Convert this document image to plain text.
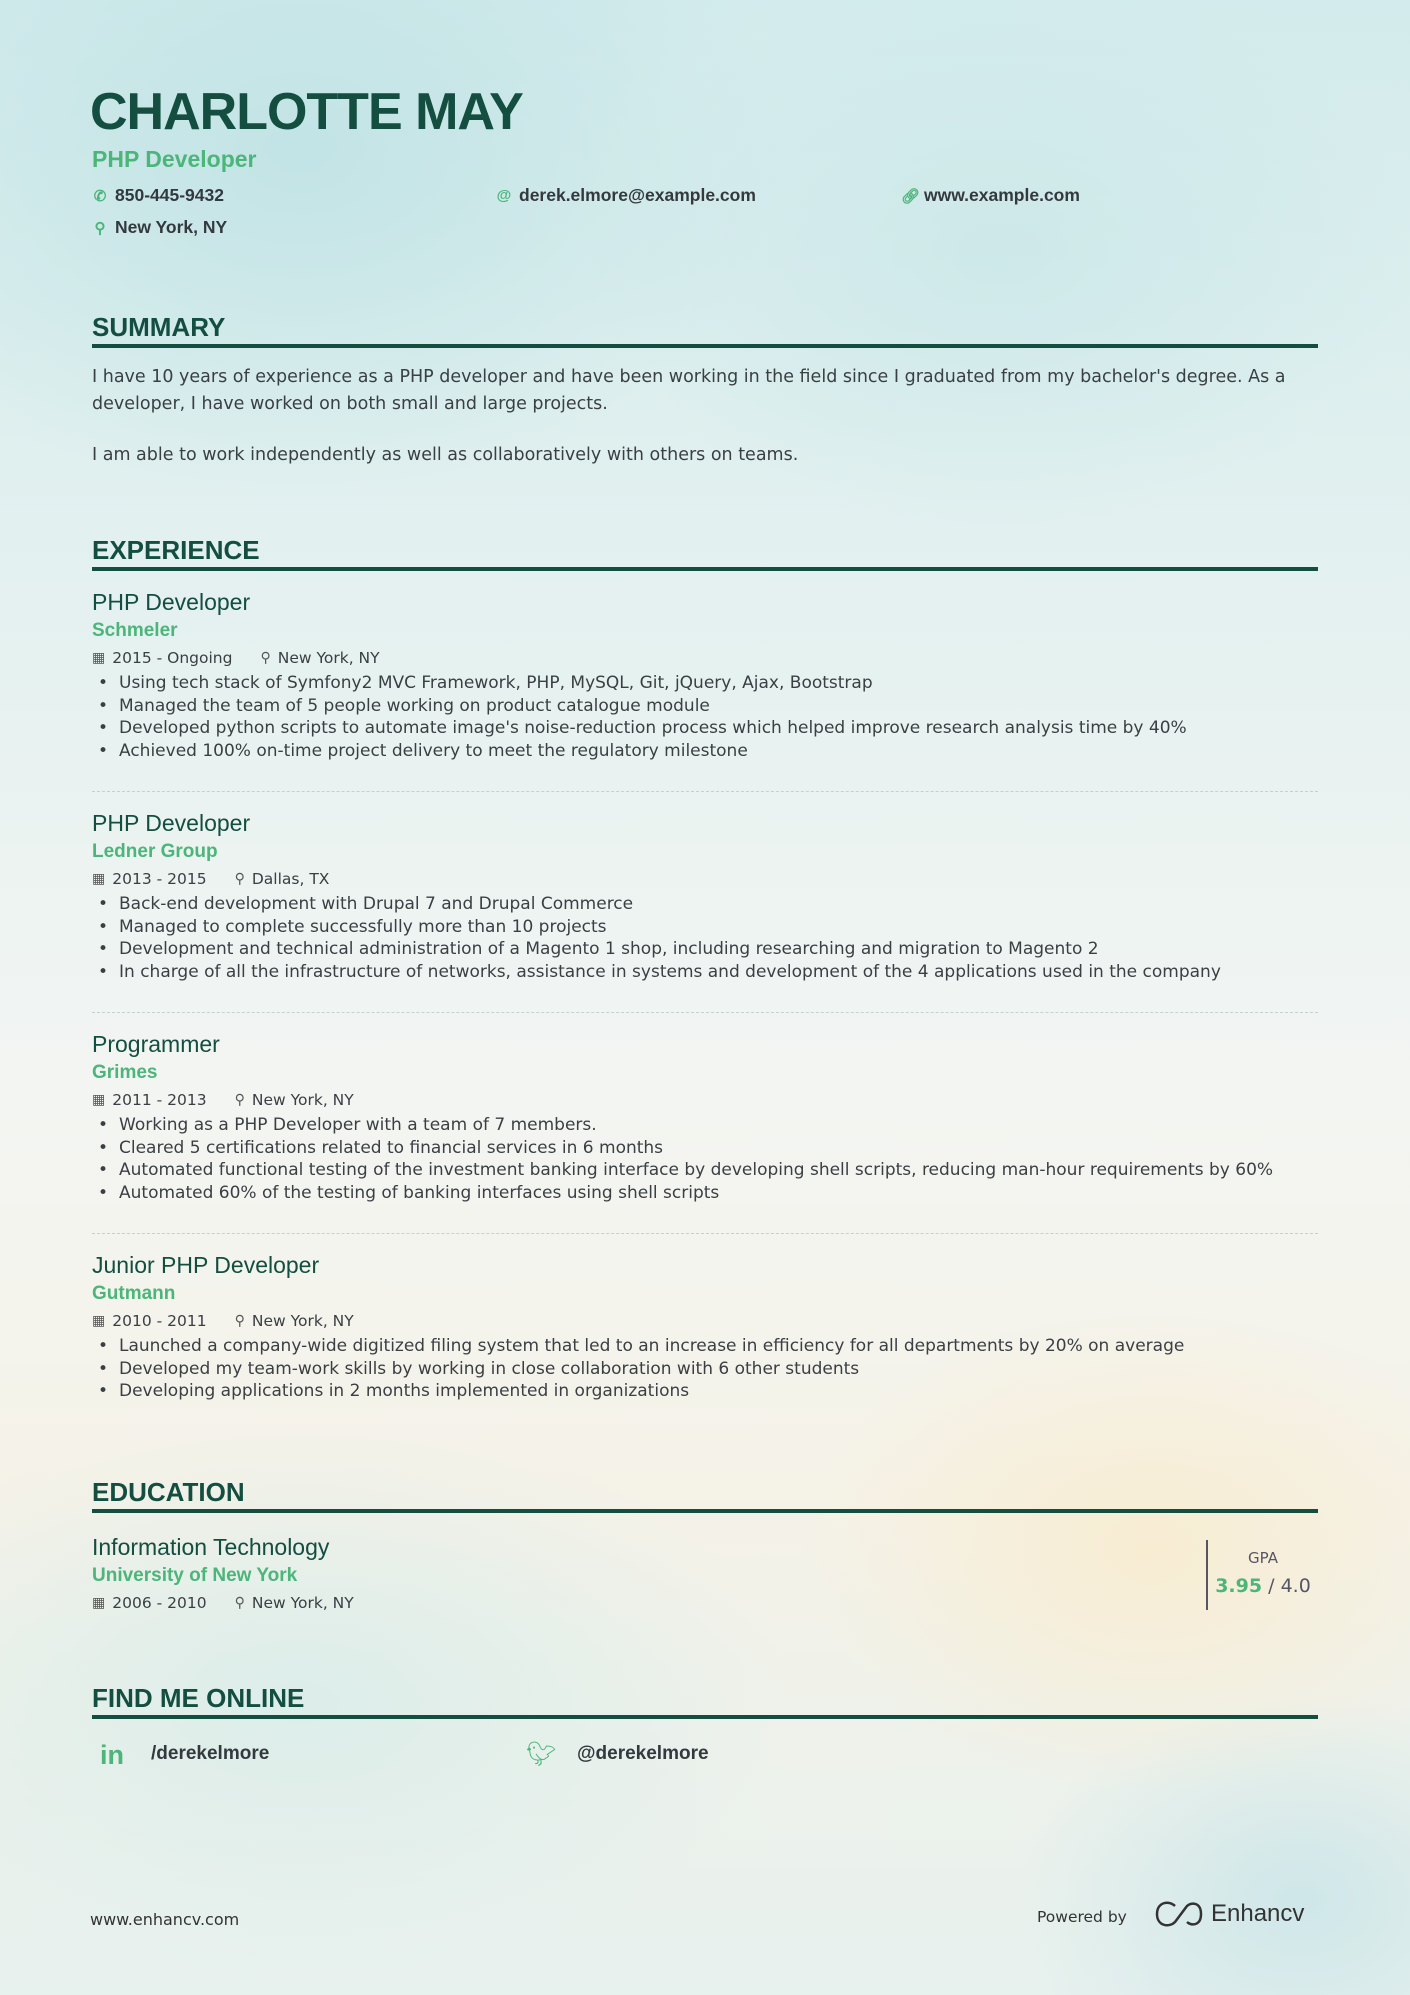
CHARLOTTE MAY
PHP Developer
✆ 850-445-9432	@ derek.elmore@example.com	🔗︎ www.example.com
⚲ New York, NY
SUMMARY

I have 10 years of experience as a PHP developer and have been working in the field since I graduated from my bachelor's degree. As a developer, I have worked on both small and large projects.

I am able to work independently as well as collaboratively with others on teams.

EXPERIENCE
PHP Developer
Schmeler
▦ 2015 - Ongoing ⚲ New York, NY
• Using tech stack of Symfony2 MVC Framework, PHP, MySQL, Git, jQuery, Ajax, Bootstrap
• Managed the team of 5 people working on product catalogue module
• Developed python scripts to automate image's noise-reduction process which helped improve research analysis time by 40%
• Achieved 100% on-time project delivery to meet the regulatory milestone
PHP Developer
Ledner Group
▦ 2013 - 2015 ⚲ Dallas, TX
• Back-end development with Drupal 7 and Drupal Commerce
• Managed to complete successfully more than 10 projects
• Development and technical administration of a Magento 1 shop, including researching and migration to Magento 2
• In charge of all the infrastructure of networks, assistance in systems and development of the 4 applications used in the company
Programmer
Grimes
▦ 2011 - 2013 ⚲ New York, NY
• Working as a PHP Developer with a team of 7 members.
• Cleared 5 certifications related to financial services in 6 months
• Automated functional testing of the investment banking interface by developing shell scripts, reducing man-hour requirements by 60%
• Automated 60% of the testing of banking interfaces using shell scripts
Junior PHP Developer
Gutmann
▦ 2010 - 2011 ⚲ New York, NY
• Launched a company-wide digitized filing system that led to an increase in efficiency for all departments by 20% on average
• Developed my team-work skills by working in close collaboration with 6 other students
• Developing applications in 2 months implemented in organizations
EDUCATION
Information Technology
University of New York
▦ 2006 - 2010 ⚲ New York, NY
GPA
3.95 / 4.0
FIND ME ONLINE
in /derekelmore	🐦︎ @derekelmore
www.enhancv.com	Powered by	Enhancv
